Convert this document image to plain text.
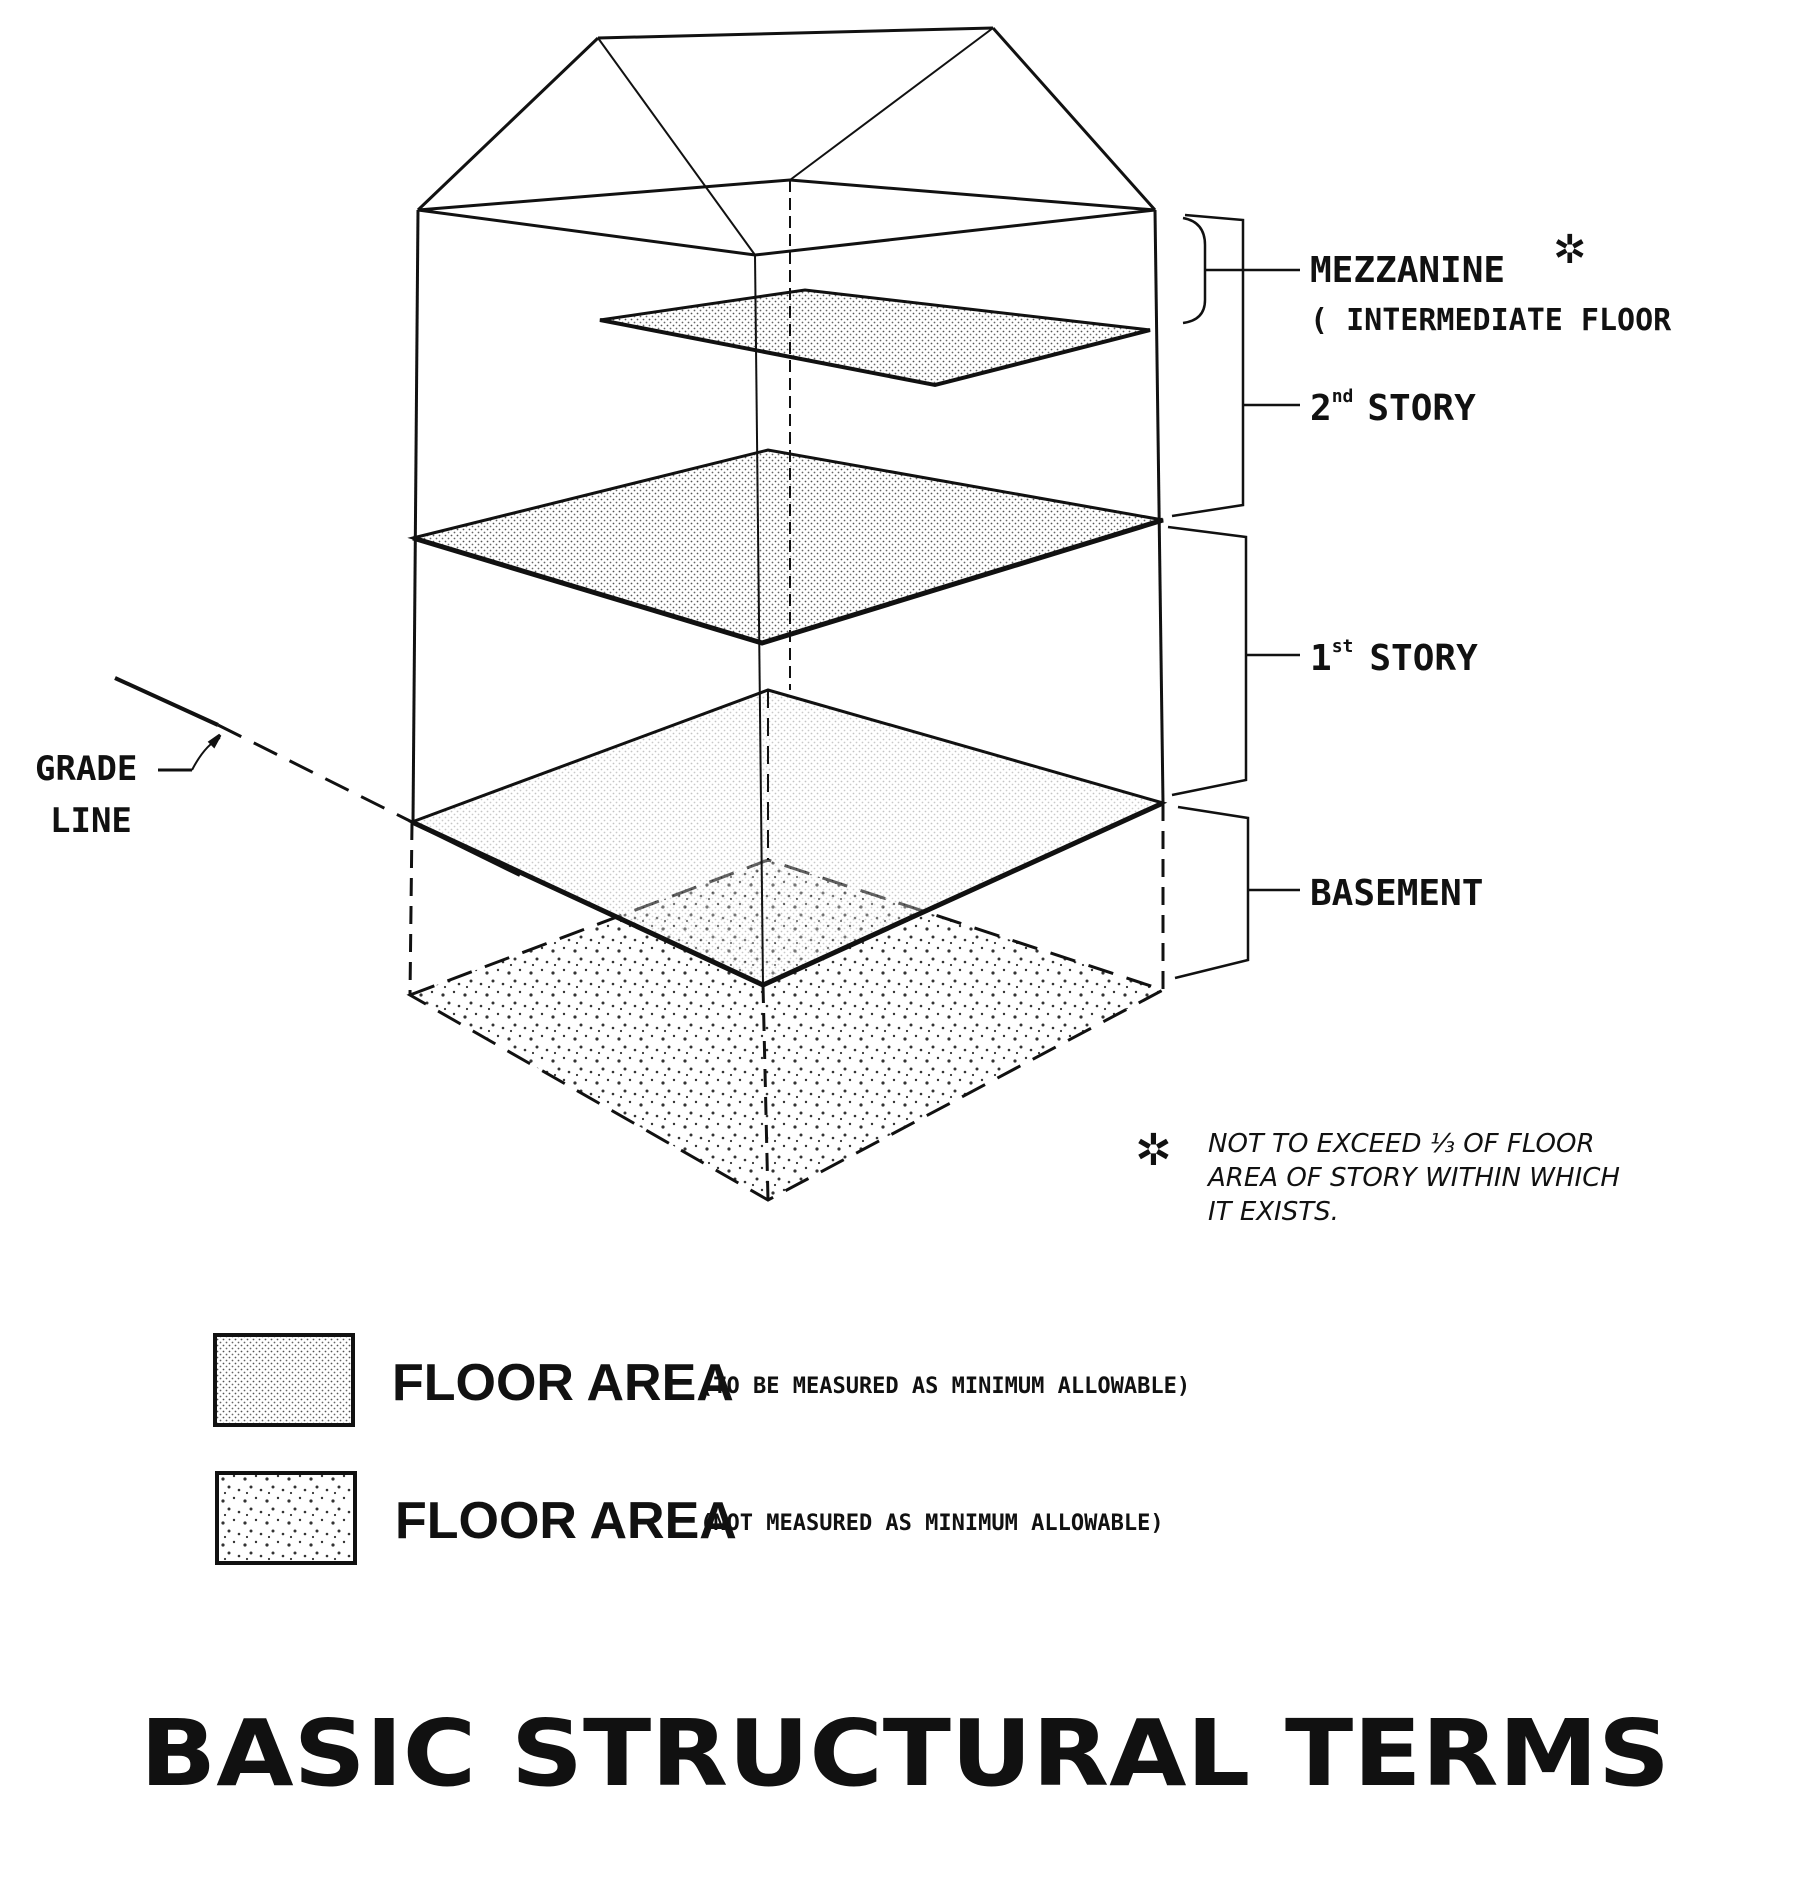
MEZZANINE ✲
( INTERMEDIATE FLOOR
2nd STORY
1st STORY
BASEMENT
GRADE
LINE
✲ NOT TO EXCEED ⅓ OF FLOOR
AREA OF STORY WITHIN WHICH
IT EXISTS.
FLOOR AREA
(TO BE MEASURED AS MINIMUM ALLOWABLE)
FLOOR AREA
(NOT MEASURED AS MINIMUM ALLOWABLE)
BASIC STRUCTURAL TERMS
